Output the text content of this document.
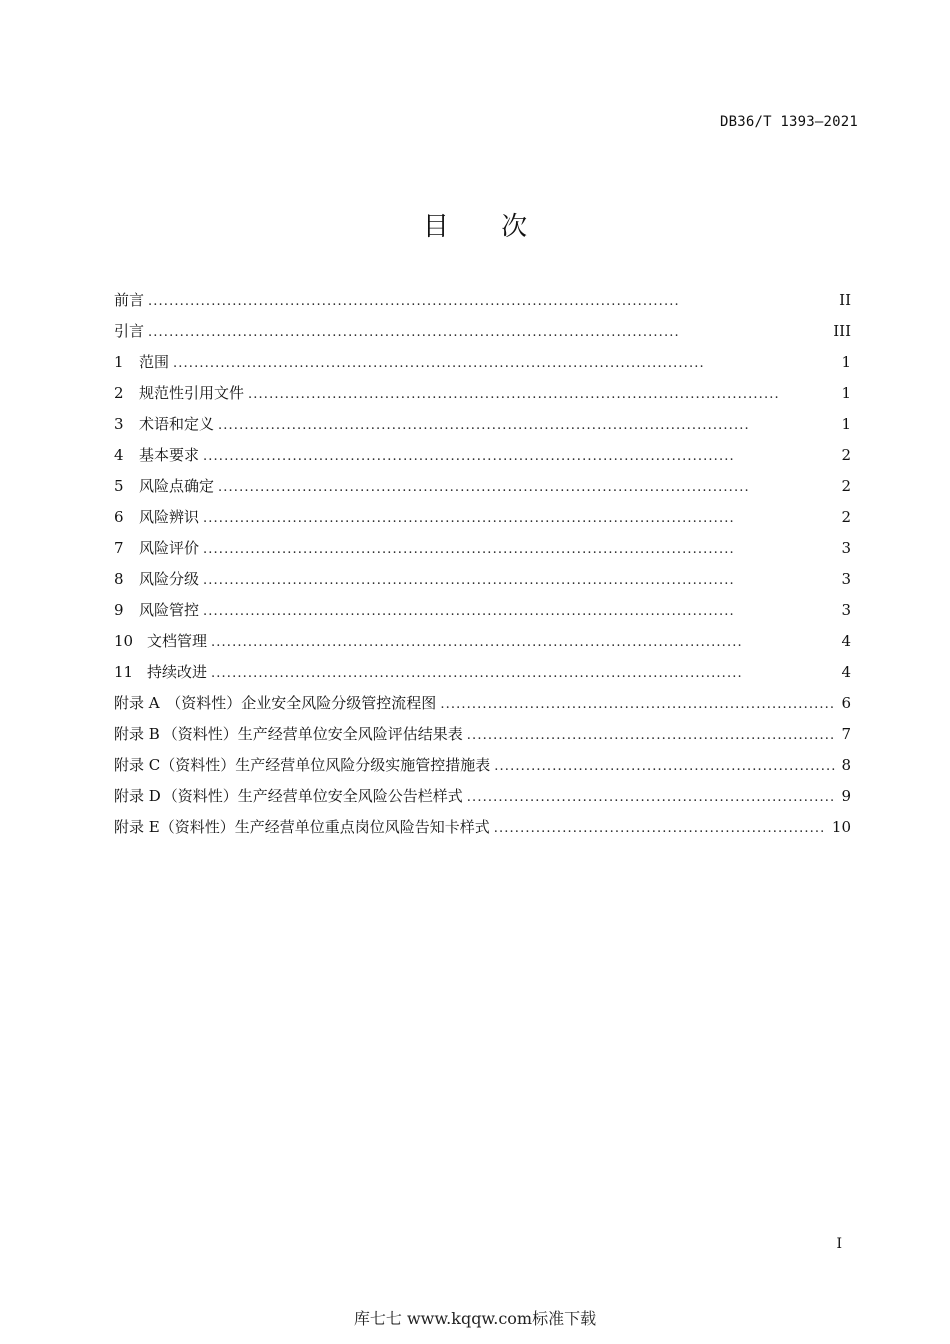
DB36/T 1393—2021
目 次
前言 . . .	II
引言 . . .	III
1	范围 . . .	1
2	规范性引用文件 . . .	1
3	术语和定义 . . .	1
4	基本要求 . . .	2
5	风险点确定 . . .	2
6	风险辨识 . . .	2
7	风险评价 . . .	3
8	风险分级 . . .	3
9	风险管控 . . .	3
10 文档管理 . . .	4
11 持续改进 . . .	4
附录 A （资料性） 企业安全风险分级管控流程图 . . .	6
附录 B （资料性） 生产经营单位安全风险评估结果表 . . .	7
附录 C （资料性） 生产经营单位风险分级实施管控措施表 . . .	8
附录 D （资料性） 生产经营单位安全风险公告栏样式 . . .	9
附录 E （资料性） 生产经营单位重点岗位风险告知卡样式 . . .	10
I
库七七 www.kqqw.com标准下载
